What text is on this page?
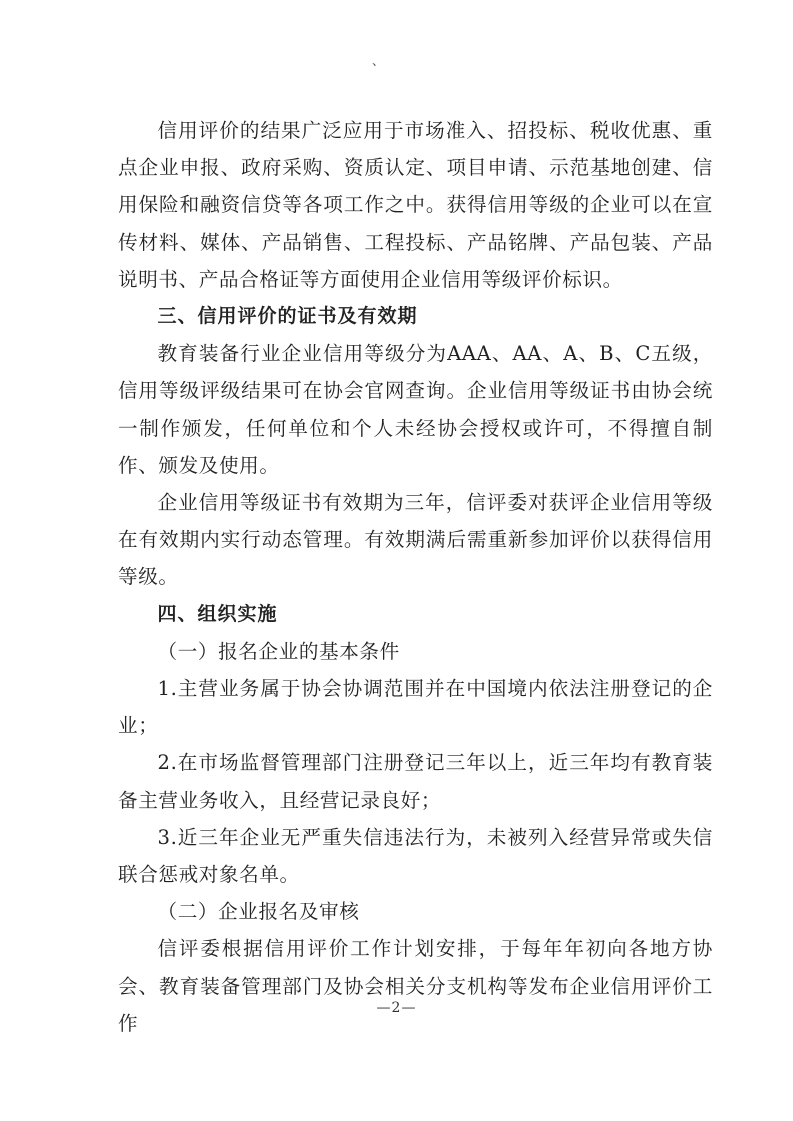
、

信用评价的结果广泛应用于市场准入、招投标、税收优惠、重点企业申报、政府采购、资质认定、项目申请、示范基地创建、信用保险和融资信贷等各项工作之中。获得信用等级的企业可以在宣传材料、媒体、产品销售、工程投标、产品铭牌、产品包装、产品说明书、产品合格证等方面使用企业信用等级评价标识。

三、信用评价的证书及有效期

教育装备行业企业信用等级分为AAA、AA、A、B、C五级，信用等级评级结果可在协会官网查询。企业信用等级证书由协会统一制作颁发，任何单位和个人未经协会授权或许可，不得擅自制作、颁发及使用。

企业信用等级证书有效期为三年，信评委对获评企业信用等级在有效期内实行动态管理。有效期满后需重新参加评价以获得信用等级。

四、组织实施

（一）报名企业的基本条件

1.主营业务属于协会协调范围并在中国境内依法注册登记的企业；

2.在市场监督管理部门注册登记三年以上，近三年均有教育装备主营业务收入，且经营记录良好；

3.近三年企业无严重失信违法行为，未被列入经营异常或失信联合惩戒对象名单。

（二）企业报名及审核

信评委根据信用评价工作计划安排，于每年年初向各地方协会、教育装备管理部门及协会相关分支机构等发布企业信用评价工作

—2—
